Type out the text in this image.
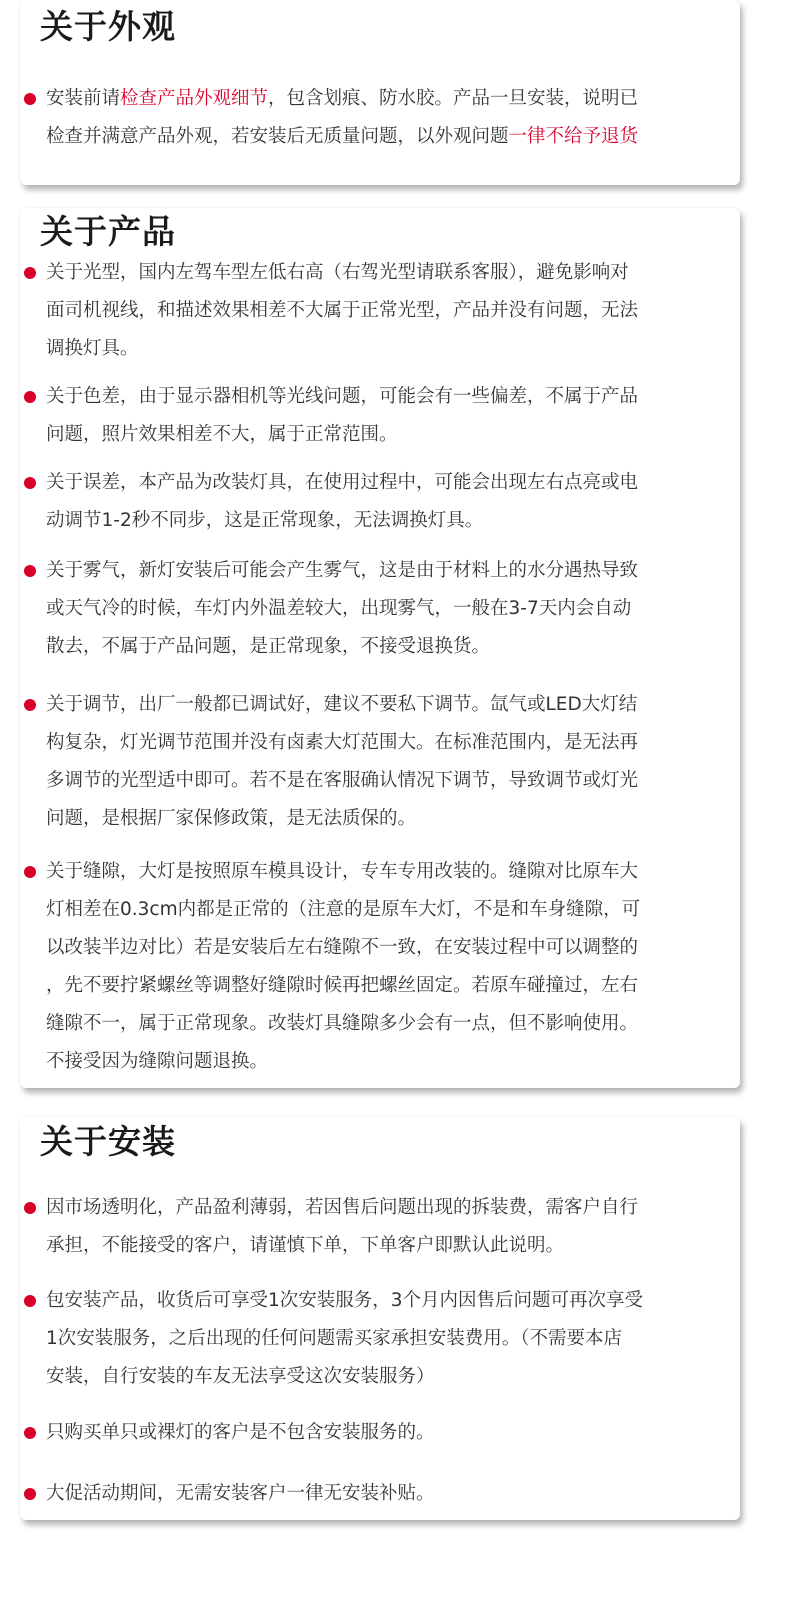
关于外观

安装前请检查产品外观细节，包含划痕、防水胶。产品一旦安装，说明已
检查并满意产品外观，若安装后无质量问题，以外观问题一律不给予退货

关于产品

关于光型，国内左驾车型左低右高（右驾光型请联系客服），避免影响对
面司机视线，和描述效果相差不大属于正常光型，产品并没有问题，无法
调换灯具。

关于色差，由于显示器相机等光线问题，可能会有一些偏差，不属于产品
问题，照片效果相差不大，属于正常范围。

关于误差，本产品为改装灯具，在使用过程中，可能会出现左右点亮或电
动调节1-2秒不同步，这是正常现象，无法调换灯具。

关于雾气，新灯安装后可能会产生雾气，这是由于材料上的水分遇热导致
或天气冷的时候，车灯内外温差较大，出现雾气，一般在3-7天内会自动
散去，不属于产品问题，是正常现象，不接受退换货。

关于调节，出厂一般都已调试好，建议不要私下调节。氙气或LED大灯结
构复杂，灯光调节范围并没有卤素大灯范围大。在标准范围内，是无法再
多调节的光型适中即可。若不是在客服确认情况下调节，导致调节或灯光
问题，是根据厂家保修政策，是无法质保的。

关于缝隙，大灯是按照原车模具设计，专车专用改装的。缝隙对比原车大
灯相差在0.3cm内都是正常的（注意的是原车大灯，不是和车身缝隙，可
以改装半边对比）若是安装后左右缝隙不一致，在安装过程中可以调整的
，先不要拧紧螺丝等调整好缝隙时候再把螺丝固定。若原车碰撞过，左右
缝隙不一，属于正常现象。改装灯具缝隙多少会有一点，但不影响使用。
不接受因为缝隙问题退换。

关于安装

因市场透明化，产品盈利薄弱，若因售后问题出现的拆装费，需客户自行
承担，不能接受的客户，请谨慎下单，下单客户即默认此说明。

包安装产品，收货后可享受1次安装服务，3个月内因售后问题可再次享受
1次安装服务，之后出现的任何问题需买家承担安装费用。（不需要本店
安装，自行安装的车友无法享受这次安装服务）

只购买单只或裸灯的客户是不包含安装服务的。

大促活动期间，无需安装客户一律无安装补贴。
